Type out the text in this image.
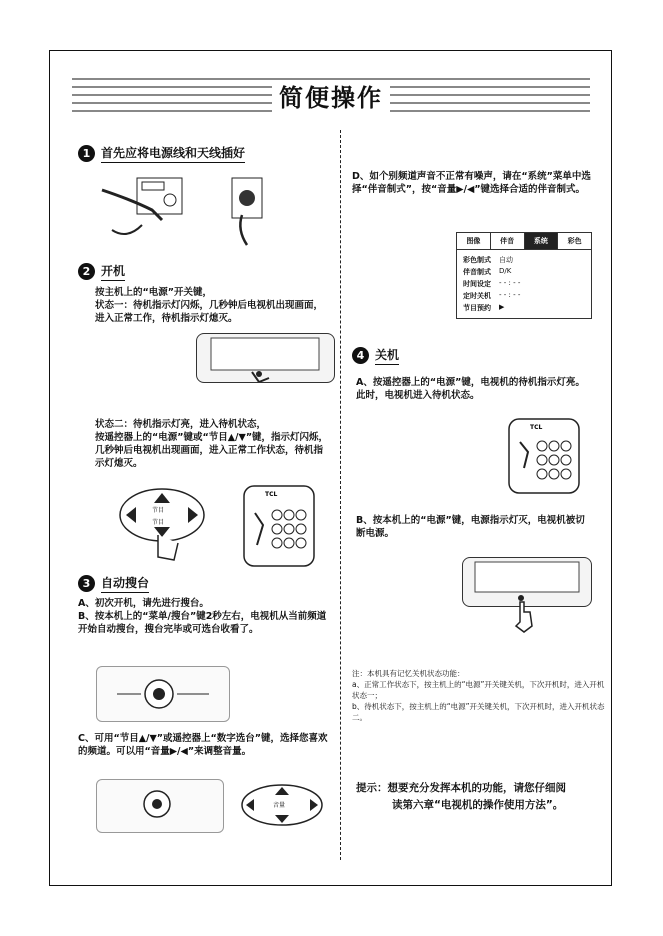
简便操作
1 首先应将电源线和天线插好
2 开机
按主机上的“电源”开关键，
状态一：待机指示灯闪烁，几秒钟后电视机出现画面，进入正常工作，待机指示灯熄灭。
状态二：待机指示灯亮，进入待机状态，
按遥控器上的“电源”键或“节目▲/▼”键，指示灯闪烁，几秒钟后电视机出现画面，进入正常工作状态，待机指示灯熄灭。
节目
节目
TCL
3 自动搜台
A、初次开机，请先进行搜台。
B、按本机上的“菜单/搜台”键2秒左右，电视机从当前频道开始自动搜台，搜台完毕或可选台收看了。
C、可用“节目▲/▼”或遥控器上“数字选台”键，选择您喜欢的频道。可以用“音量▶/◀”来调整音量。
音量
D、如个别频道声音不正常有噪声，请在“系统”菜单中选择“伴音制式”，按“音量▶/◀”键选择合适的伴音制式。
图像	伴音	系统	彩色
彩色制式	自动
伴音制式	D/K
时间设定	- - : - -
定时关机	- - : - -
节目预约	▶
4 关机
A、按遥控器上的“电源”键，电视机的待机指示灯亮。此时，电视机进入待机状态。
TCL
B、按本机上的“电源”键，电源指示灯灭，电视机被切断电源。
注：本机具有记忆关机状态功能：
a、正常工作状态下，按主机上的“电源”开关键关机，下次开机时，进入开机状态一；
b、待机状态下，按主机上的“电源”开关键关机，下次开机时，进入开机状态二。
提示：想要充分发挥本机的功能，请您仔细阅
读第六章“电视机的操作使用方法”。
